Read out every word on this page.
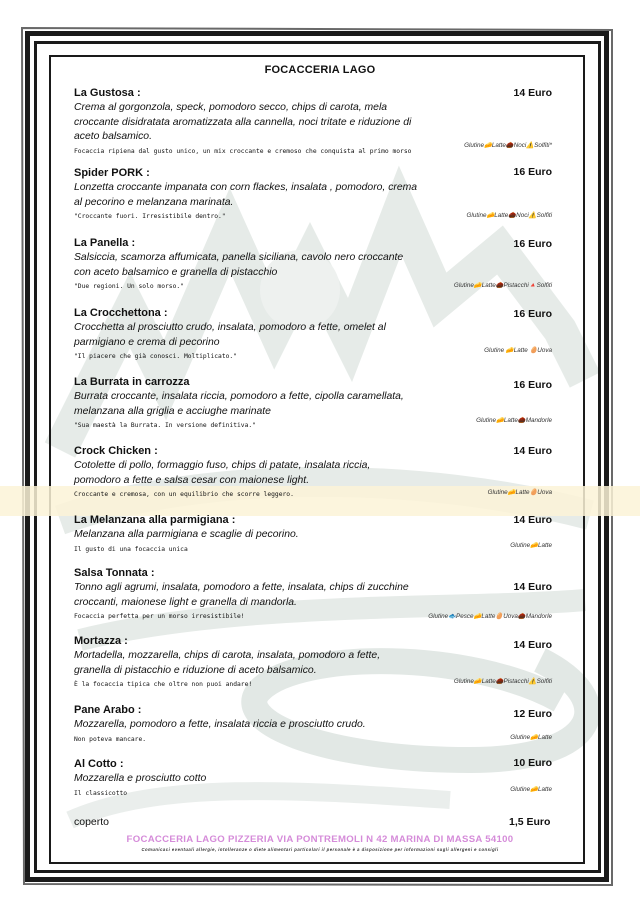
FOCACCERIA LAGO
La Gustosa :
Crema al gorgonzola, speck, pomodoro secco, chips di carota, mela croccante disidratata aromatizzata alla cannella, noci tritate e riduzione di aceto balsamico.
Focaccia ripiena dal gusto unico, un mix croccante e cremoso che conquista al primo morso
14 Euro
Glutine🧀Latte🌰Noci⚠️Solfiti*
Spider PORK :
Lonzetta croccante impanata con corn flackes, insalata , pomodoro, crema al pecorino e melanzana marinata.
"Croccante fuori. Irresistibile dentro."
16 Euro
Glutine🧀Latte🌰Noci⚠️Solfiti
La Panella :
Salsiccia, scamorza affumicata, panella siciliana, cavolo nero croccante con aceto balsamico e granella di pistacchio
"Due regioni. Un solo morso."
16 Euro
Glutine🧀Latte🌰Pistacchi🔺Solfiti
La Crocchettona :
Crocchetta al prosciutto crudo, insalata, pomodoro a fette, omelet al parmigiano e crema di pecorino
"Il piacere che già conosci. Moltiplicato."
16 Euro
Glutine 🧀Latte 🥚Uova
La Burrata in carrozza
Burrata croccante, insalata riccia, pomodoro a fette, cipolla caramellata, melanzana alla griglia e acciughe marinate
"Sua maestà la Burrata. In versione definitiva."
16 Euro
Glutine🧀Latte🌰Mandorle
Crock Chicken :
Cotolette di pollo, formaggio fuso, chips di patate, insalata riccia, pomodoro a fette e salsa cesar con maionese light.
Croccante e cremosa, con un equilibrio che scorre leggero.
14 Euro
Glutine🧀Latte🥚Uova
La Melanzana alla parmigiana :
Melanzana alla parmigiana e scaglie di pecorino.
Il gusto di una focaccia unica
14 Euro
Glutine🧀Latte
Salsa Tonnata :
Tonno agli agrumi, insalata, pomodoro a fette, insalata, chips di zucchine croccanti, maionese light e granella di mandorla.
Focaccia perfetta per un morso irresistibile!
14 Euro
Glutine🐟Pesce🧀Latte🥚Uova🌰Mandorle
Mortazza :
Mortadella, mozzarella, chips di carota, insalata, pomodoro a fette, granella di pistacchio e riduzione di aceto balsamico.
È la focaccia tipica che oltre non puoi andare!
14 Euro
Glutine🧀Latte🌰Pistacchi⚠️Solfiti
Pane Arabo :
Mozzarella, pomodoro a fette, insalata riccia e prosciutto crudo.
Non poteva mancare.
12 Euro
Glutine🧀Latte
Al Cotto :
Mozzarella e prosciutto cotto
Il classicotto
10 Euro
Glutine🧀Latte
coperto	1,5 Euro
FOCACCERIA LAGO PIZZERIA VIA PONTREMOLI N 42 MARINA DI MASSA 54100
Comunicaci eventuali allergie, intolleranze o diete alimentari particolari il personale è a disposizione per informazioni sugli allergeni e consigli
